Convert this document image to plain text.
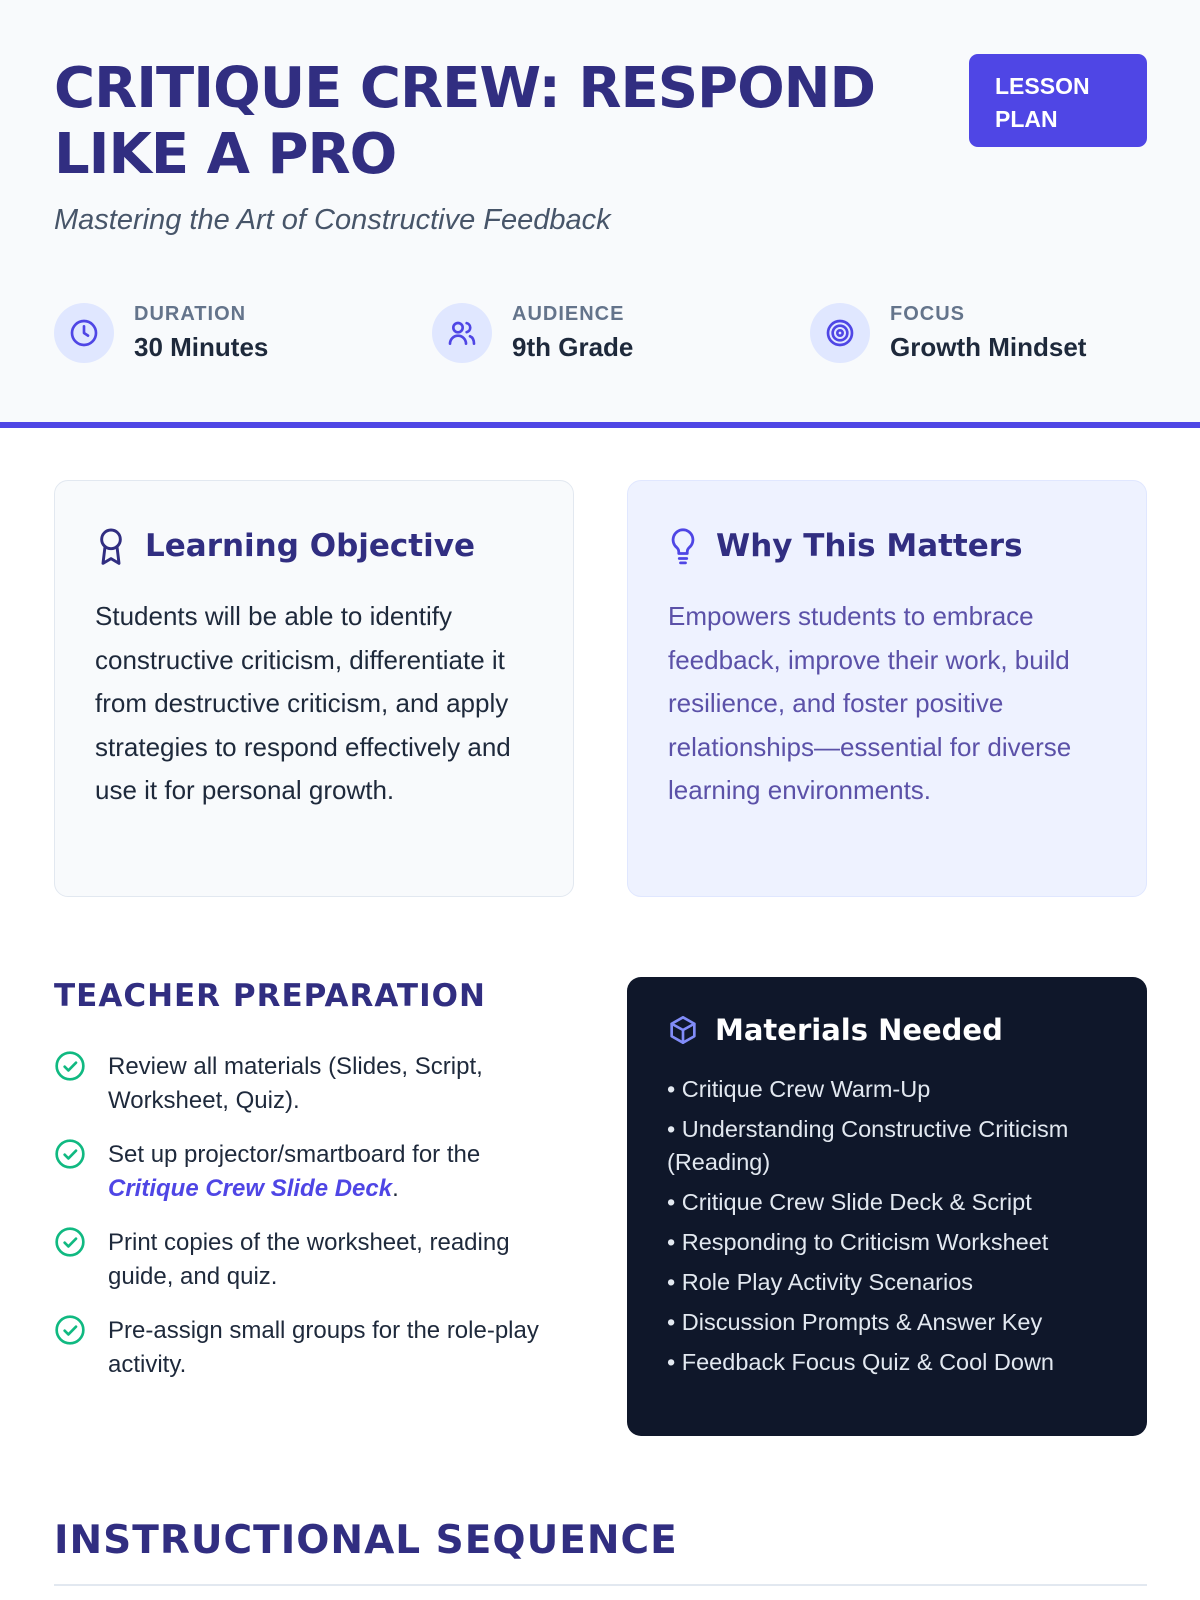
CRITIQUE CREW: RESPOND LIKE A PRO
LESSON PLAN
Mastering the Art of Constructive Feedback
DURATION
30 Minutes
AUDIENCE
9th Grade
FOCUS
Growth Mindset
Learning Objective

Students will be able to identify constructive criticism, differentiate it from destructive criticism, and apply strategies to respond effectively and use it for personal growth.

Why This Matters

Empowers students to embrace feedback, improve their work, build resilience, and foster positive relationships—essential for diverse learning environments.

TEACHER PREPARATION
Review all materials (Slides, Script, Worksheet, Quiz).
Set up projector/smartboard for the Critique Crew Slide Deck.
Print copies of the worksheet, reading guide, and quiz.
Pre-assign small groups for the role-play activity.
Materials Needed
• Critique Crew Warm-Up
• Understanding Constructive Criticism (Reading)
• Critique Crew Slide Deck & Script
• Responding to Criticism Worksheet
• Role Play Activity Scenarios
• Discussion Prompts & Answer Key
• Feedback Focus Quiz & Cool Down
INSTRUCTIONAL SEQUENCE
